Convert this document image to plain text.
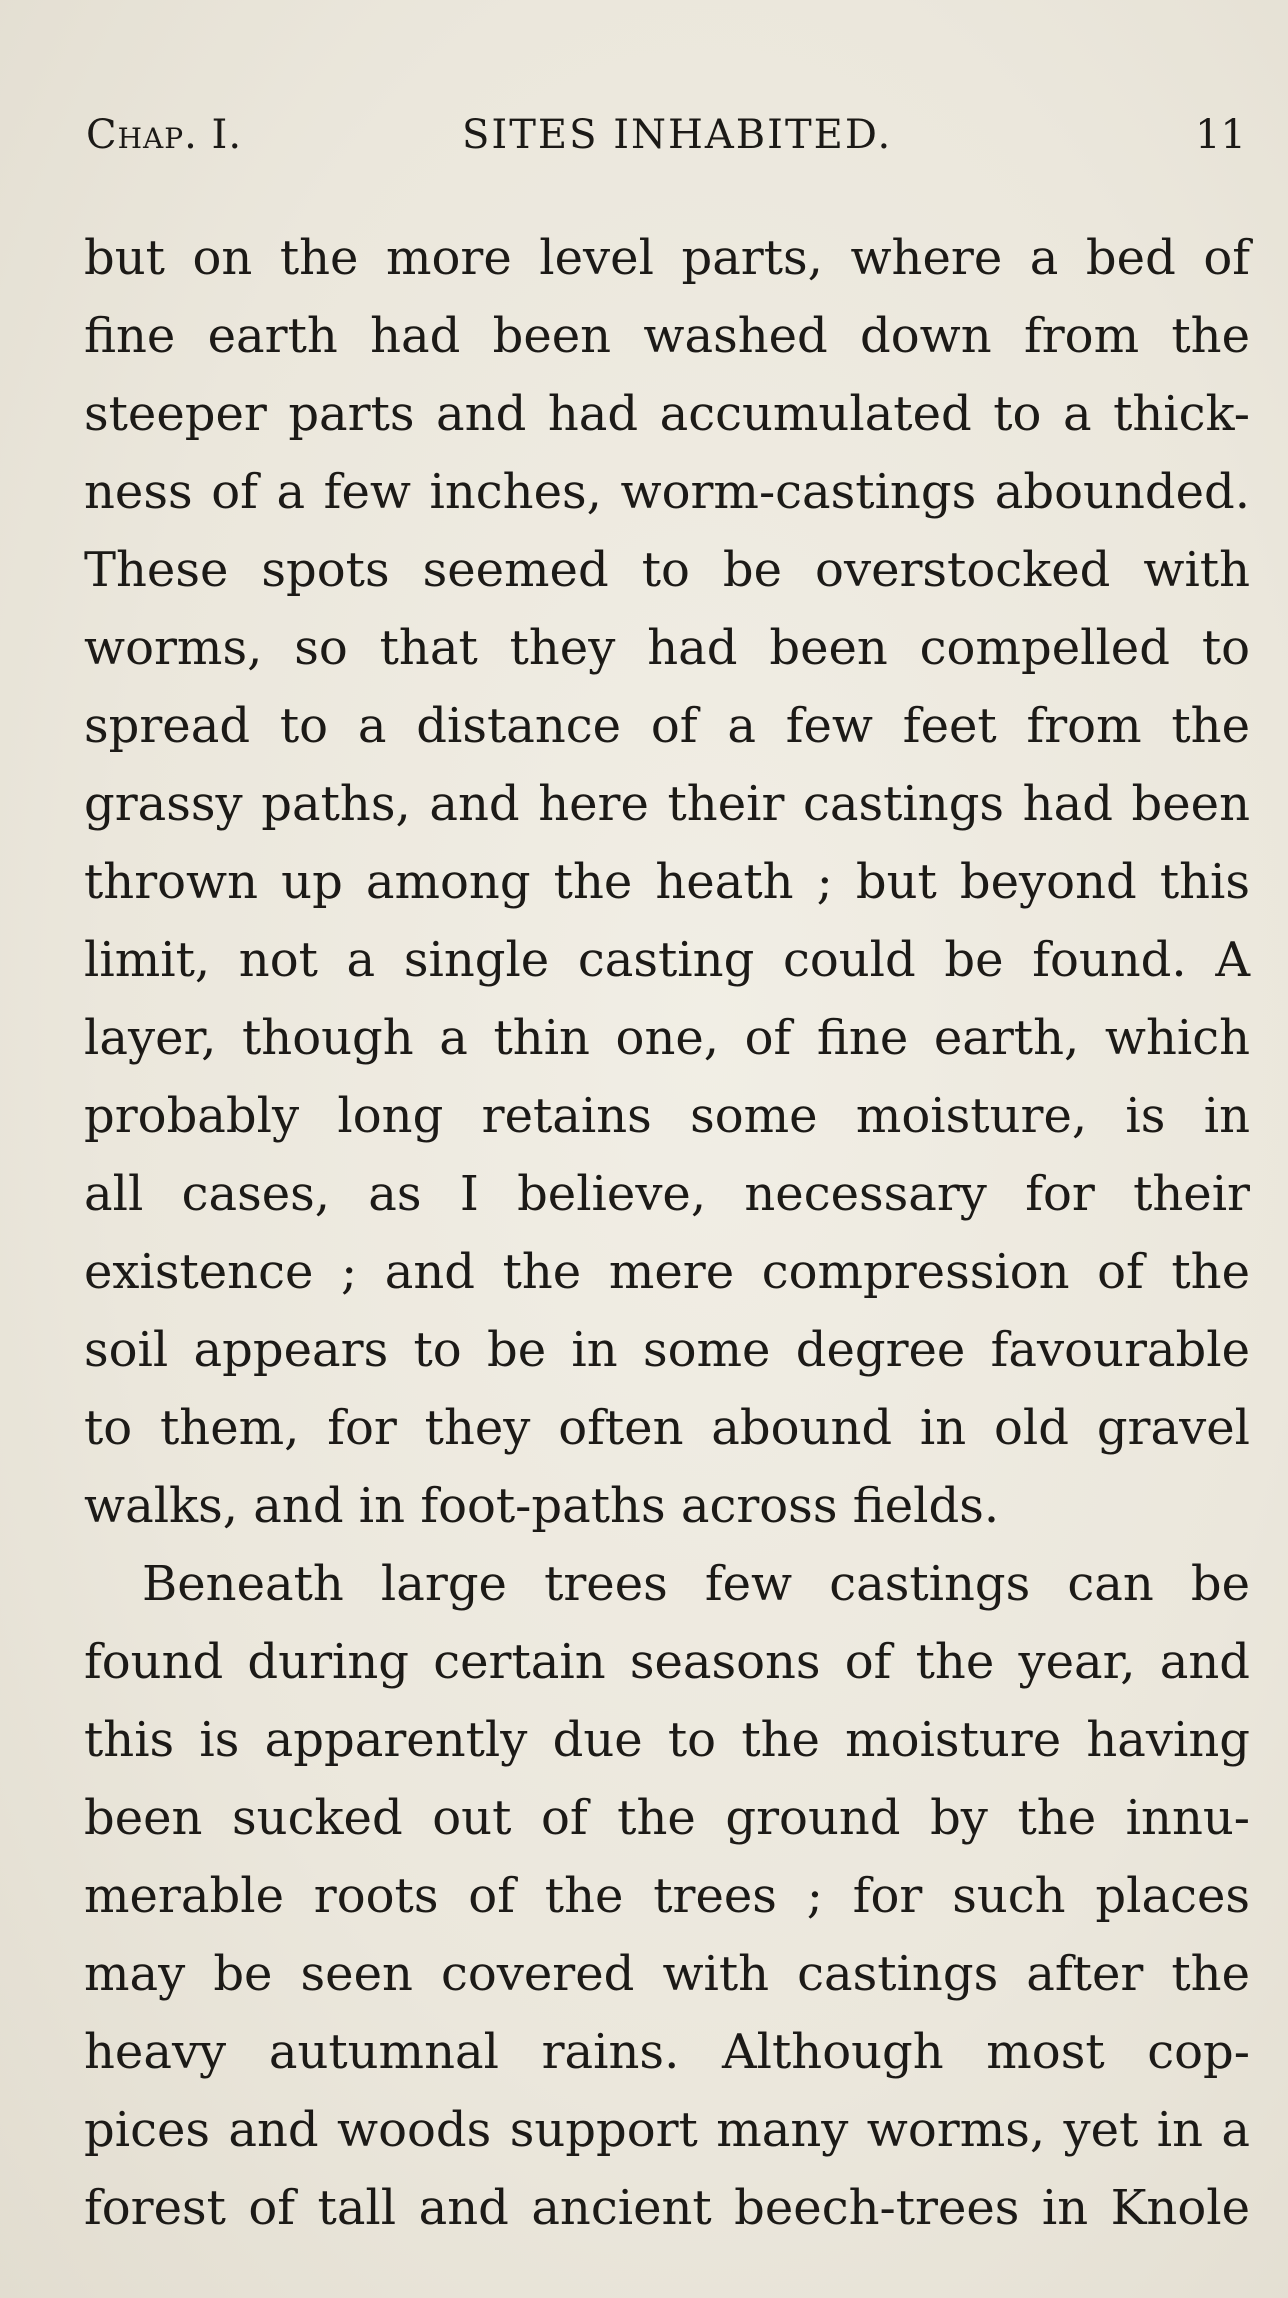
Chap. I.	SITES INHABITED.	11
but on the more level parts, where a bed of
fine earth had been washed down from the
steeper parts and had accumulated to a thick-
ness of a few inches, worm-castings abounded.
These spots seemed to be overstocked with
worms, so that they had been compelled to
spread to a distance of a few feet from the
grassy paths, and here their castings had been
thrown up among the heath ; but beyond this
limit, not a single casting could be found. A
layer, though a thin one, of fine earth, which
probably long retains some moisture, is in
all cases, as I believe, necessary for their
existence ; and the mere compression of the
soil appears to be in some degree favourable
to them, for they often abound in old gravel
walks, and in foot-paths across fields.
Beneath large trees few castings can be
found during certain seasons of the year, and
this is apparently due to the moisture having
been sucked out of the ground by the innu-
merable roots of the trees ; for such places
may be seen covered with castings after the
heavy autumnal rains. Although most cop-
pices and woods support many worms, yet in a
forest of tall and ancient beech-trees in Knole
